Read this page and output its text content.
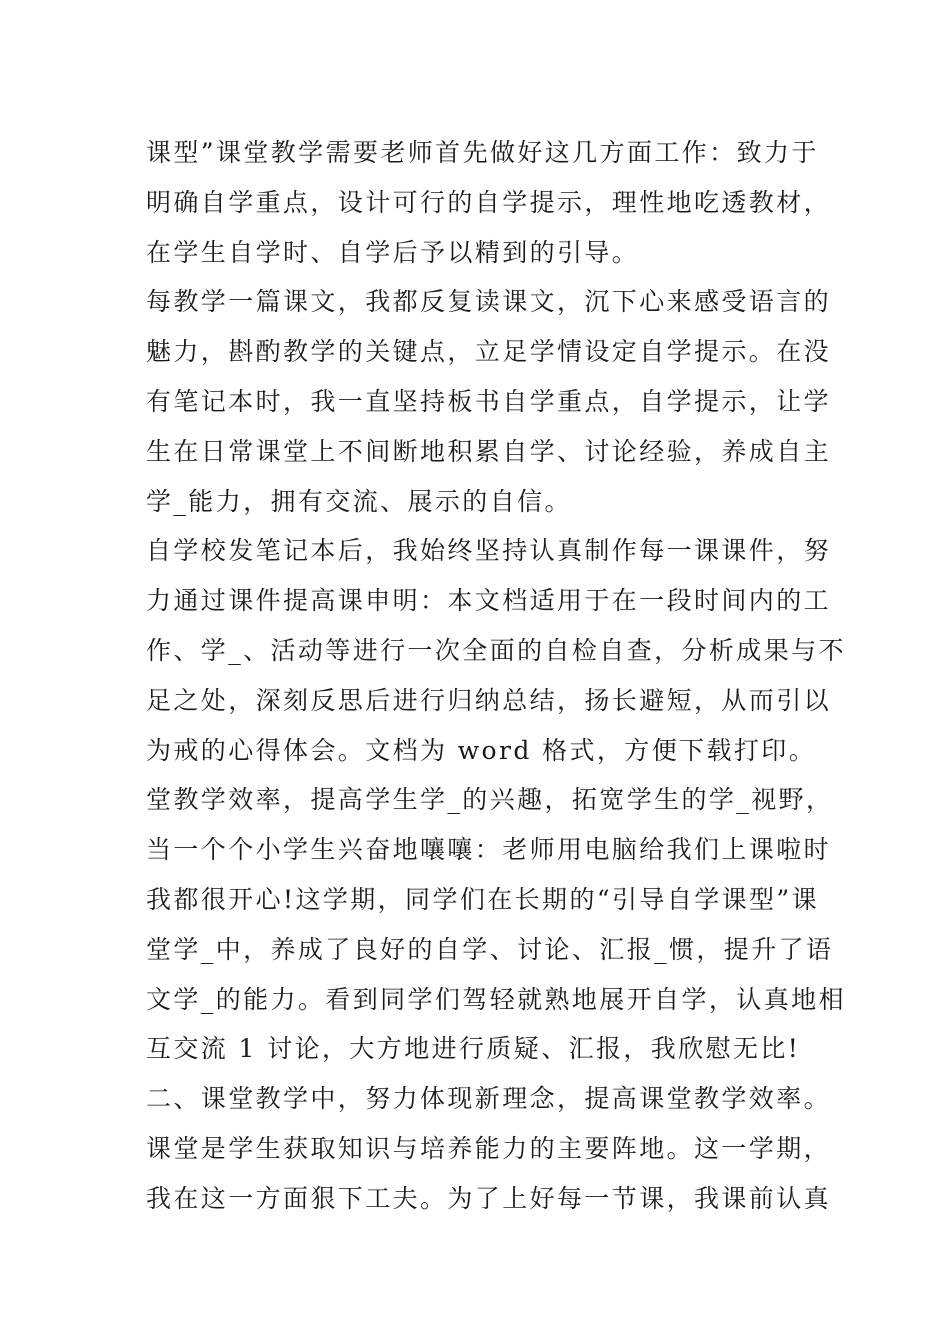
课型”课堂教学需要老师首先做好这几方面工作：致力于
明确自学重点，设计可行的自学提示，理性地吃透教材，
在学生自学时、自学后予以精到的引导。
每教学一篇课文，我都反复读课文，沉下心来感受语言的
魅力，斟酌教学的关键点，立足学情设定自学提示。在没
有笔记本时，我一直坚持板书自学重点，自学提示，让学
生在日常课堂上不间断地积累自学、讨论经验，养成自主
学_能力，拥有交流、展示的自信。
自学校发笔记本后，我始终坚持认真制作每一课课件，努
力通过课件提高课申明：本文档适用于在一段时间内的工
作、学_、活动等进行一次全面的自检自查，分析成果与不
足之处，深刻反思后进行归纳总结，扬长避短，从而引以
为戒的心得体会。文档为 word 格式，方便下载打印。
堂教学效率，提高学生学_的兴趣，拓宽学生的学_视野，
当一个个小学生兴奋地嚷嚷：老师用电脑给我们上课啦时
我都很开心!这学期，同学们在长期的“引导自学课型”课
堂学_中，养成了良好的自学、讨论、汇报_惯，提升了语
文学_的能力。看到同学们驾轻就熟地展开自学，认真地相
互交流 1 讨论，大方地进行质疑、汇报，我欣慰无比!
二、课堂教学中，努力体现新理念，提高课堂教学效率。
课堂是学生获取知识与培养能力的主要阵地。这一学期，
我在这一方面狠下工夫。为了上好每一节课，我课前认真
